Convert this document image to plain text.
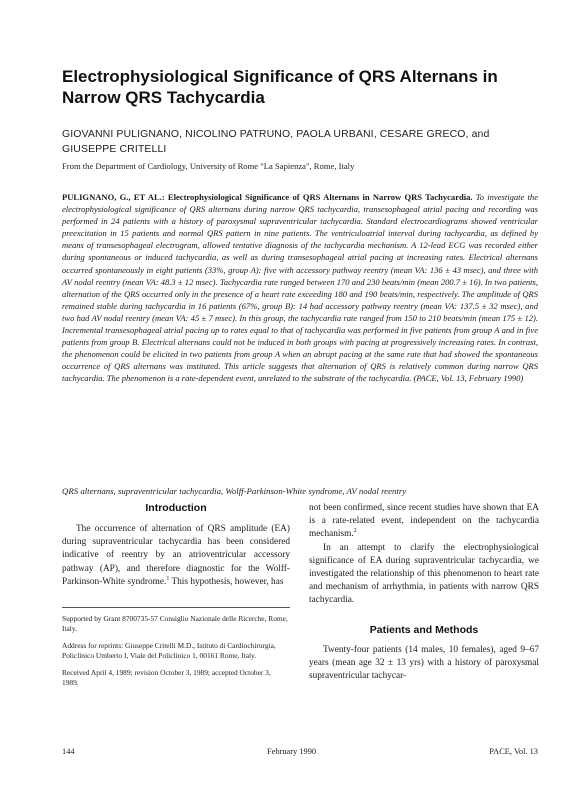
Electrophysiological Significance of QRS Alternans in Narrow QRS Tachycardia
GIOVANNI PULIGNANO, NICOLINO PATRUNO, PAOLA URBANI, CESARE GRECO, and GIUSEPPE CRITELLI
From the Department of Cardiology, University of Rome "La Sapienza", Rome, Italy
PULIGNANO, G., ET AL.: Electrophysiological Significance of QRS Alternans in Narrow QRS Tachycardia. To investigate the electrophysiological significance of QRS alternans during narrow QRS tachycardia, transesophageal atrial pacing and recording was performed in 24 patients with a history of paroxysmal supraventricular tachycardia. Standard electrocardiograms showed ventricular preexcitation in 15 patients and normal QRS pattern in nine patients. The ventriculoatrial interval during tachycardia, as defined by means of transesophageal electrogram, allowed tentative diagnosis of the tachycardia mechanism. A 12-lead ECG was recorded either during spontaneous or induced tachycardia, as well as during transesophageal atrial pacing at increasing rates. Electrical alternans occurred spontaneously in eight patients (33%, group A): five with accessory pathway reentry (mean VA: 136 ± 43 msec), and three with AV nodal reentry (mean VA: 48.3 ± 12 msec). Tachycardia rate ranged between 170 and 230 beats/min (mean 200.7 ± 16). In two patients, alternation of the QRS occurred only in the presence of a heart rate exceeding 180 and 190 beats/min, respectively. The amplitude of QRS remained stable during tachycardia in 16 patients (67%, group B): 14 had accessory pathway reentry (mean VA: 137.5 ± 32 msec), and two had AV nodal reentry (mean VA: 45 ± 7 msec). In this group, the tachycardia rate ranged from 150 to 210 beats/min (mean 175 ± 12). Incremental transesophageal atrial pacing up to rates equal to that of tachycardia was performed in five patients from group A and in five patients from group B. Electrical alternans could not be induced in both groups with pacing at progressively increasing rates. In contrast, the phenomenon could be elicited in two patients from group A when an abrupt pacing at the same rate that had showed the spontaneous occurrence of QRS alternans was instituted. This article suggests that alternation of QRS is relatively common during narrow QRS tachycardia. The phenomenon is a rate-dependent event, unrelated to the substrate of the tachycardia. (PACE, Vol. 13, February 1990)
QRS alternans, supraventricular tachycardia, Wolff-Parkinson-White syndrome, AV nodal reentry
Introduction

The occurrence of alternation of QRS amplitude (EA) during supraventricular tachycardia has been considered indicative of reentry by an atrioventricular accessory pathway (AP), and therefore diagnostic for the Wolff-Parkinson-White syndrome.$^1$ This hypothesis, however, has

Supported by Grant 8700735-57 Consiglio Nazionale delle Ricerche, Rome, Italy.

Address for reprints: Giuseppe Critelli M.D., Istituto di Cardiochirurgia, Policlinico Umberto I, Viale del Policlinico 1, 00161 Rome, Italy.

Received April 4, 1989; revision October 3, 1989; accepted October 3, 1989.

not been confirmed, since recent studies have shown that EA is a rate-related event, independent on the tachycardia mechanism.$^2$

In an attempt to clarify the electrophysiological significance of EA during supraventricular tachycardia, we investigated the relationship of this phenomenon to heart rate and mechanism of arrhythmia, in patients with narrow QRS tachycardia.

Patients and Methods

Twenty-four patients (14 males, 10 females), aged 9–67 years (mean age 32 ± 13 yrs) with a history of paroxysmal supraventricular tachycar-

144	February 1990	PACE, Vol. 13
